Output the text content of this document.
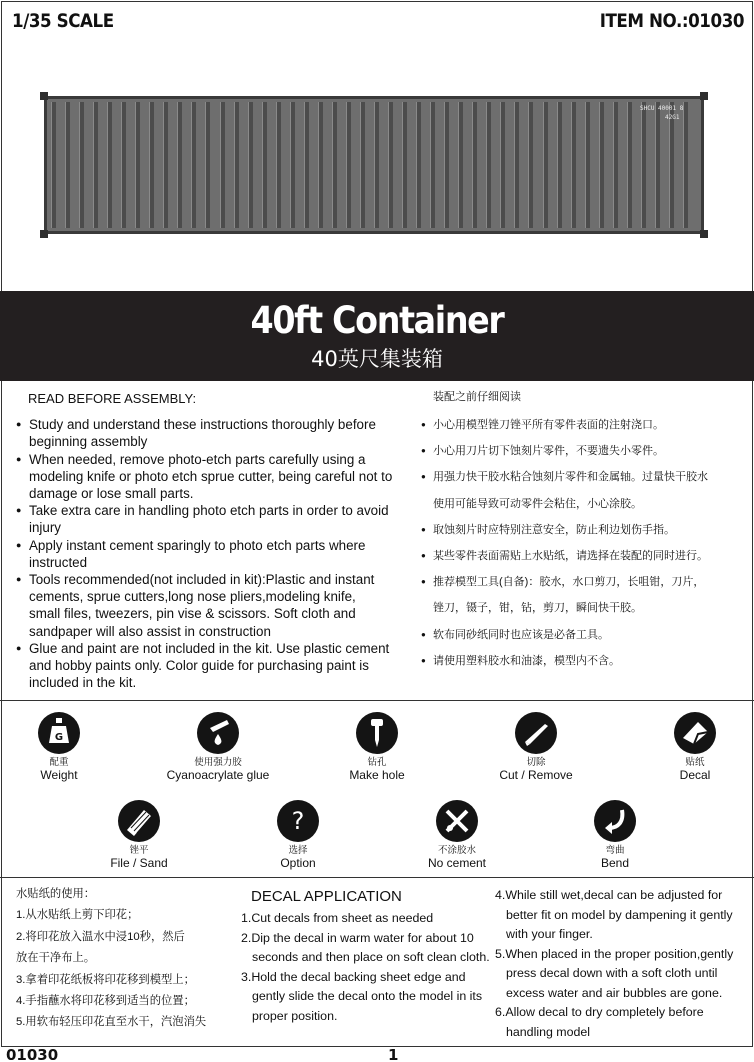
1/35 SCALE	ITEM NO.:01030
SHCU 40001 8
42G1
40ft Container
40英尺集装箱
READ BEFORE ASSEMBLY:
● Study and understand these instructions thoroughly before
beginning assembly
● When needed, remove photo-etch parts carefully using a
modeling knife or photo etch sprue cutter, being careful not to
damage or lose small parts.
● Take extra care in handling photo etch parts in order to avoid
injury
● Apply instant cement sparingly to photo etch parts where
instructed
● Tools recommended(not included in kit):Plastic and instant
cements, sprue cutters,long nose pliers,modeling knife,
small files, tweezers, pin vise & scissors. Soft cloth and
sandpaper will also assist in construction
● Glue and paint are not included in the kit. Use plastic cement
and hobby paints only. Color guide for purchasing paint is
included in the kit.
装配之前仔细阅读
● 小心用模型锉刀锉平所有零件表面的注射浇口。
● 小心用刀片切下蚀刻片零件，不要遗失小零件。
● 用强力快干胶水粘合蚀刻片零件和金属轴。过量快干胶水
使用可能导致可动零件会粘住，小心涂胶。
● 取蚀刻片时应特别注意安全，防止利边划伤手指。
● 某些零件表面需贴上水贴纸，请选择在装配的同时进行。
● 推荐模型工具(自备)：胶水，水口剪刀，长咀钳，刀片，
锉刀，镊子，钳，钻，剪刀，瞬间快干胶。
● 软布同砂纸同时也应该是必备工具。
● 请使用塑料胶水和油漆，模型内不含。
G
配重
Weight
使用强力胶
Cyanoacrylate glue
钻孔
Make hole
切除
Cut / Remove
贴纸
Decal
锉平
File / Sand
?
选择
Option
不涂胶水
No cement
弯曲
Bend
水贴纸的使用：
1.从水贴纸上剪下印花；
2.将印花放入温水中浸10秒，然后
放在干净布上。
3.拿着印花纸板将印花移到模型上；
4.手指蘸水将印花移到适当的位置；
5.用软布轻压印花直至水干，汽泡消失
DECAL APPLICATION
1.Cut decals from sheet as needed
2.Dip the decal in warm water for about 10
seconds and then place on soft clean cloth.
3.Hold the decal backing sheet edge and
gently slide the decal onto the model in its
proper position.
4.While still wet,decal can be adjusted for
better fit on model by dampening it gently
with your finger.
5.When placed in the proper position,gently
press decal down with a soft cloth until
excess water and air bubbles are gone.
6.Allow decal to dry completely before
handling model
01030	1
